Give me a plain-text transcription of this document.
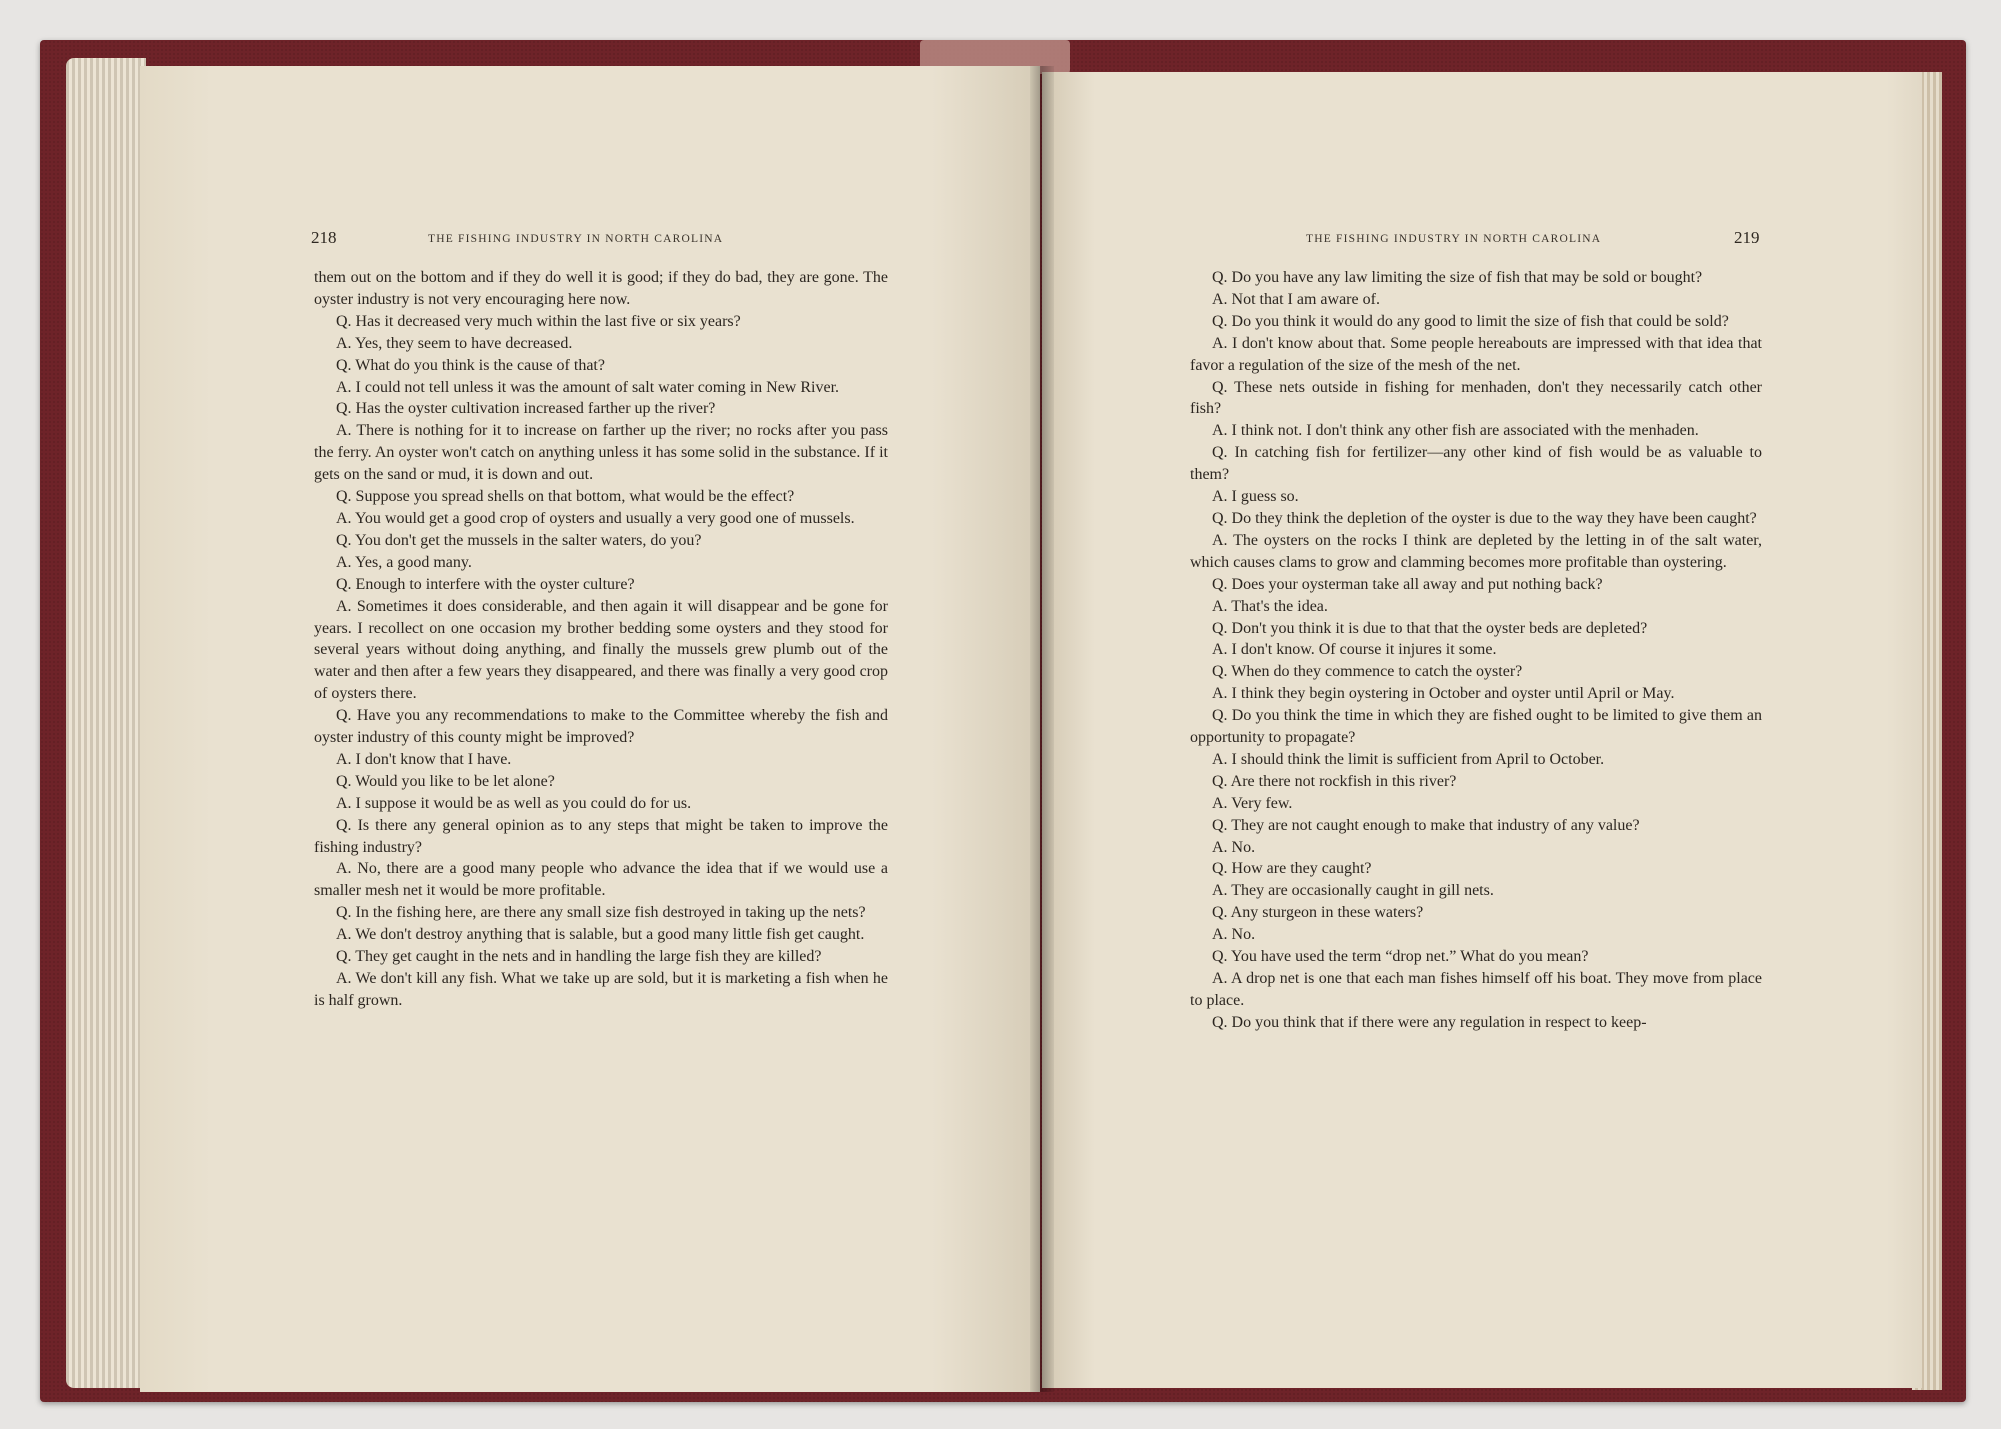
218	THE FISHING INDUSTRY IN NORTH CAROLINA	THE FISHING INDUSTRY IN NORTH CAROLINA	219

them out on the bottom and if they do well it is good; if they do bad, they are gone. The oyster industry is not very encouraging here now.

Q. Has it decreased very much within the last five or six years?

A. Yes, they seem to have decreased.

Q. What do you think is the cause of that?

A. I could not tell unless it was the amount of salt water coming in New River.

Q. Has the oyster cultivation increased farther up the river?

A. There is nothing for it to increase on farther up the river; no rocks after you pass the ferry. An oyster won't catch on anything unless it has some solid in the substance. If it gets on the sand or mud, it is down and out.

Q. Suppose you spread shells on that bottom, what would be the effect?

A. You would get a good crop of oysters and usually a very good one of mussels.

Q. You don't get the mussels in the salter waters, do you?

A. Yes, a good many.

Q. Enough to interfere with the oyster culture?

A. Sometimes it does considerable, and then again it will disappear and be gone for years. I recollect on one occasion my brother bedding some oysters and they stood for several years without doing anything, and finally the mussels grew plumb out of the water and then after a few years they disappeared, and there was finally a very good crop of oysters there.

Q. Have you any recommendations to make to the Committee whereby the fish and oyster industry of this county might be improved?

A. I don't know that I have.

Q. Would you like to be let alone?

A. I suppose it would be as well as you could do for us.

Q. Is there any general opinion as to any steps that might be taken to improve the fishing industry?

A. No, there are a good many people who advance the idea that if we would use a smaller mesh net it would be more profitable.

Q. In the fishing here, are there any small size fish destroyed in taking up the nets?

A. We don't destroy anything that is salable, but a good many little fish get caught.

Q. They get caught in the nets and in handling the large fish they are killed?

A. We don't kill any fish. What we take up are sold, but it is marketing a fish when he is half grown.

Q. Do you have any law limiting the size of fish that may be sold or bought?

A. Not that I am aware of.

Q. Do you think it would do any good to limit the size of fish that could be sold?

A. I don't know about that. Some people hereabouts are impressed with that idea that favor a regulation of the size of the mesh of the net.

Q. These nets outside in fishing for menhaden, don't they necessarily catch other fish?

A. I think not. I don't think any other fish are associated with the menhaden.

Q. In catching fish for fertilizer—any other kind of fish would be as valuable to them?

A. I guess so.

Q. Do they think the depletion of the oyster is due to the way they have been caught?

A. The oysters on the rocks I think are depleted by the letting in of the salt water, which causes clams to grow and clamming becomes more profitable than oystering.

Q. Does your oysterman take all away and put nothing back?

A. That's the idea.

Q. Don't you think it is due to that that the oyster beds are depleted?

A. I don't know. Of course it injures it some.

Q. When do they commence to catch the oyster?

A. I think they begin oystering in October and oyster until April or May.

Q. Do you think the time in which they are fished ought to be limited to give them an opportunity to propagate?

A. I should think the limit is sufficient from April to October.

Q. Are there not rockfish in this river?

A. Very few.

Q. They are not caught enough to make that industry of any value?

A. No.

Q. How are they caught?

A. They are occasionally caught in gill nets.

Q. Any sturgeon in these waters?

A. No.

Q. You have used the term “drop net.” What do you mean?

A. A drop net is one that each man fishes himself off his boat. They move from place to place.

Q. Do you think that if there were any regulation in respect to keep-
